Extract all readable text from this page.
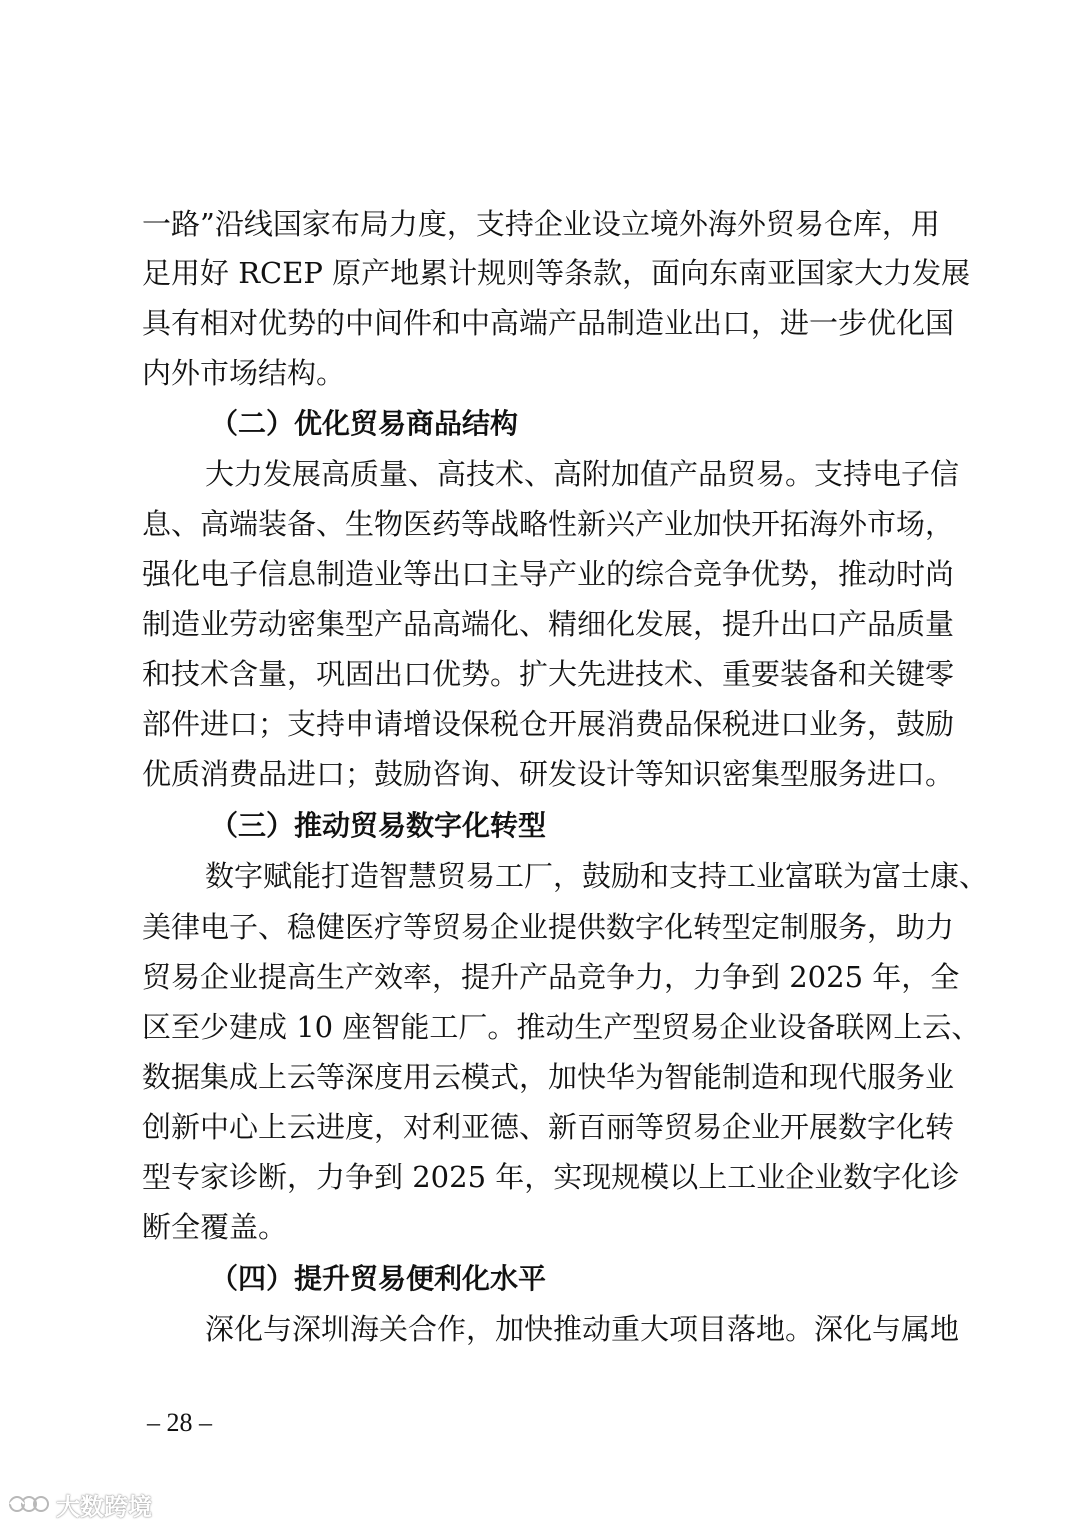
一路”沿线国家布局力度，支持企业设立境外海外贸易仓库，用
足用好 RCEP 原产地累计规则等条款，面向东南亚国家大力发展
具有相对优势的中间件和中高端产品制造业出口，进一步优化国
内外市场结构。
（二）优化贸易商品结构
大力发展高质量、高技术、高附加值产品贸易。支持电子信
息、高端装备、生物医药等战略性新兴产业加快开拓海外市场，
强化电子信息制造业等出口主导产业的综合竞争优势，推动时尚
制造业劳动密集型产品高端化、精细化发展，提升出口产品质量
和技术含量，巩固出口优势。扩大先进技术、重要装备和关键零
部件进口；支持申请增设保税仓开展消费品保税进口业务，鼓励
优质消费品进口；鼓励咨询、研发设计等知识密集型服务进口。
（三）推动贸易数字化转型
数字赋能打造智慧贸易工厂，鼓励和支持工业富联为富士康、
美律电子、稳健医疗等贸易企业提供数字化转型定制服务，助力
贸易企业提高生产效率，提升产品竞争力，力争到 2025 年，全
区至少建成 10 座智能工厂。推动生产型贸易企业设备联网上云、
数据集成上云等深度用云模式，加快华为智能制造和现代服务业
创新中心上云进度，对利亚德、新百丽等贸易企业开展数字化转
型专家诊断，力争到 2025 年，实现规模以上工业企业数字化诊
断全覆盖。
（四）提升贸易便利化水平
深化与深圳海关合作，加快推动重大项目落地。深化与属地
– 28 –
大数跨境
